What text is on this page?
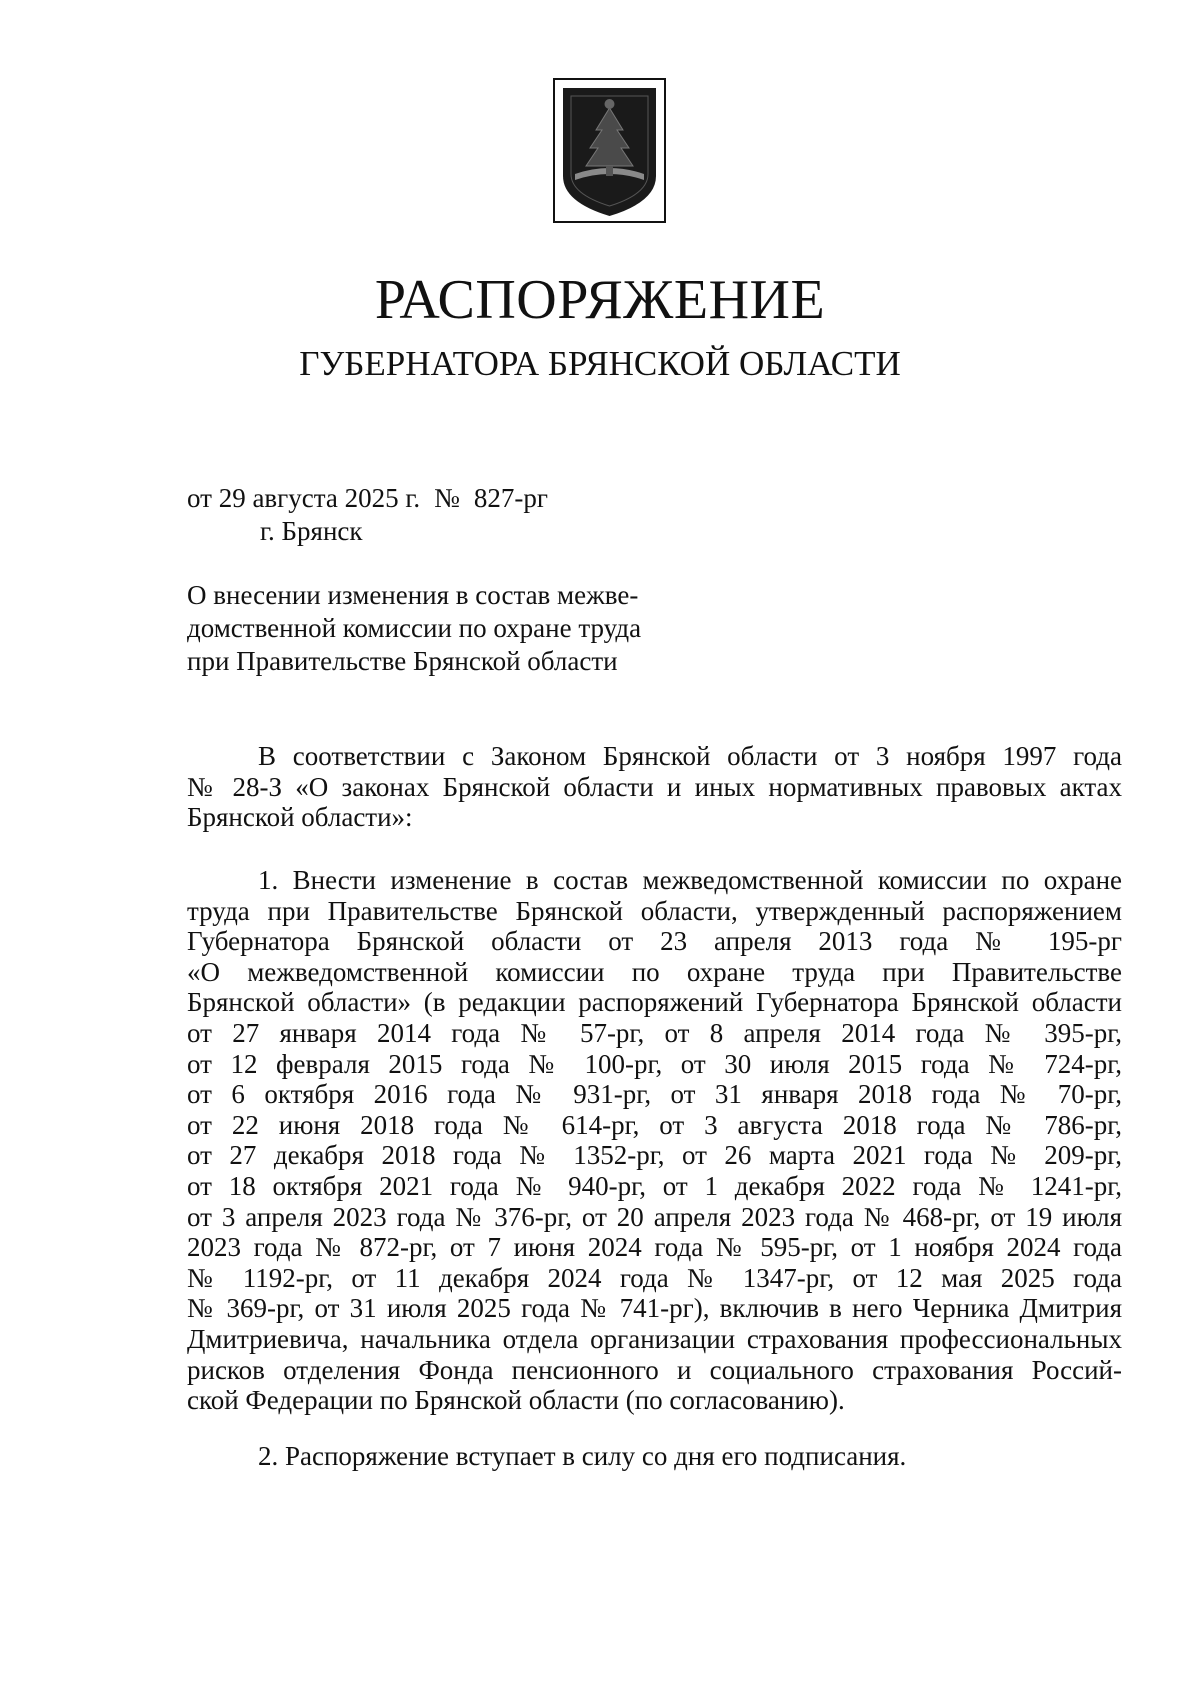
РАСПОРЯЖЕНИЕ
ГУБЕРНАТОРА БРЯНСКОЙ ОБЛАСТИ
от 29 августа 2025 г. № 827-рг
г. Брянск
О внесении изменения в состав межве-
домственной комиссии по охране труда
при Правительстве Брянской области
В соответствии с Законом Брянской области от 3 ноября 1997 года
№ 28-З «О законах Брянской области и иных нормативных правовых актах
Брянской области»:
1. Внести изменение в состав межведомственной комиссии по охране
труда при Правительстве Брянской области, утвержденный распоряжением
Губернатора Брянской области от 23 апреля 2013 года № 195-рг
«О межведомственной комиссии по охране труда при Правительстве
Брянской области» (в редакции распоряжений Губернатора Брянской области
от 27 января 2014 года № 57-рг, от 8 апреля 2014 года № 395-рг,
от 12 февраля 2015 года № 100-рг, от 30 июля 2015 года № 724-рг,
от 6 октября 2016 года № 931-рг, от 31 января 2018 года № 70-рг,
от 22 июня 2018 года № 614-рг, от 3 августа 2018 года № 786-рг,
от 27 декабря 2018 года № 1352-рг, от 26 марта 2021 года № 209-рг,
от 18 октября 2021 года № 940-рг, от 1 декабря 2022 года № 1241-рг,
от 3 апреля 2023 года № 376-рг, от 20 апреля 2023 года № 468-рг, от 19 июля
2023 года № 872-рг, от 7 июня 2024 года № 595-рг, от 1 ноября 2024 года
№ 1192-рг, от 11 декабря 2024 года № 1347-рг, от 12 мая 2025 года
№ 369-рг, от 31 июля 2025 года № 741-рг), включив в него Черника Дмитрия
Дмитриевича, начальника отдела организации страхования профессиональных
рисков отделения Фонда пенсионного и социального страхования Россий-
ской Федерации по Брянской области (по согласованию).
2. Распоряжение вступает в силу со дня его подписания.
